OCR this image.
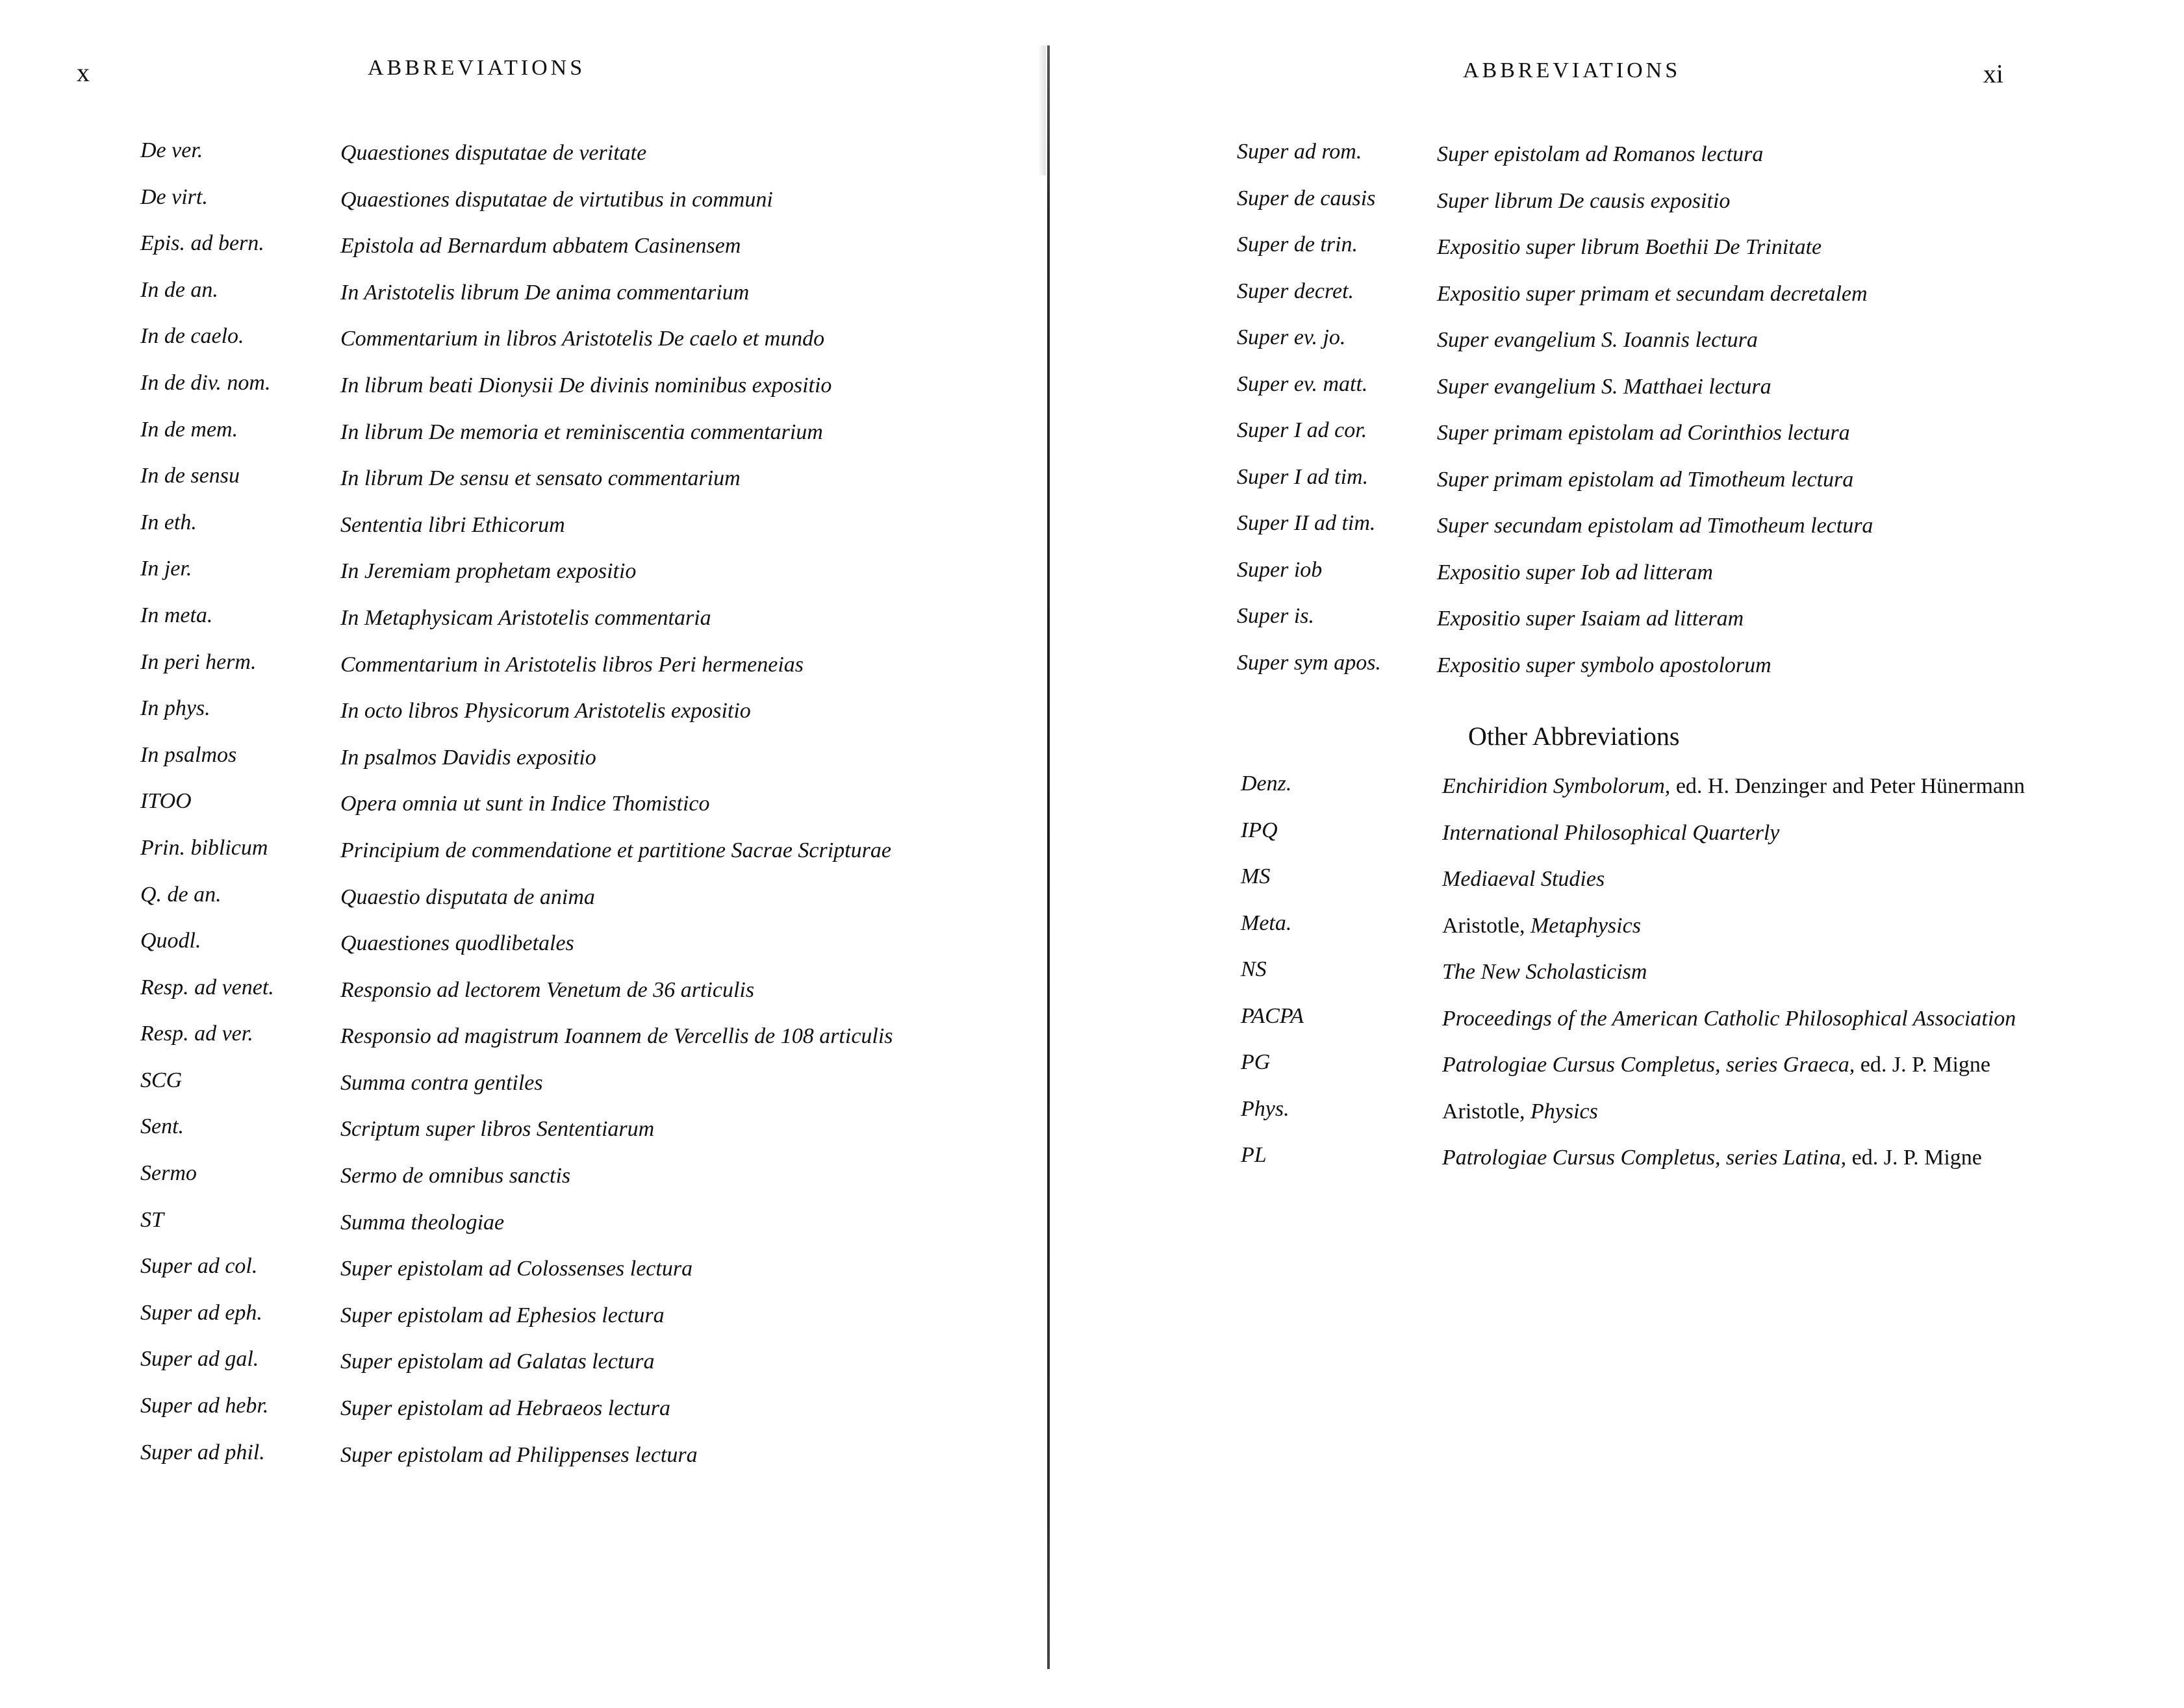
x	ABBREVIATIONS
De ver.	Quaestiones disputatae de veritate
De virt.	Quaestiones disputatae de virtutibus in communi
Epis. ad bern.	Epistola ad Bernardum abbatem Casinensem
In de an.	In Aristotelis librum De anima commentarium
In de caelo.	Commentarium in libros Aristotelis De caelo et mundo
In de div. nom.	In librum beati Dionysii De divinis nominibus expositio
In de mem.	In librum De memoria et reminiscentia commentarium
In de sensu	In librum De sensu et sensato commentarium
In eth.	Sententia libri Ethicorum
In jer.	In Jeremiam prophetam expositio
In meta.	In Metaphysicam Aristotelis commentaria
In peri herm.	Commentarium in Aristotelis libros Peri hermeneias
In phys.	In octo libros Physicorum Aristotelis expositio
In psalmos	In psalmos Davidis expositio
ITOO	Opera omnia ut sunt in Indice Thomistico
Prin. biblicum	Principium de commendatione et partitione Sacrae Scripturae
Q. de an.	Quaestio disputata de anima
Quodl.	Quaestiones quodlibetales
Resp. ad venet.	Responsio ad lectorem Venetum de 36 articulis
Resp. ad ver.	Responsio ad magistrum Ioannem de Vercellis de 108 articulis
SCG	Summa contra gentiles
Sent.	Scriptum super libros Sententiarum
Sermo	Sermo de omnibus sanctis
ST	Summa theologiae
Super ad col.	Super epistolam ad Colossenses lectura
Super ad eph.	Super epistolam ad Ephesios lectura
Super ad gal.	Super epistolam ad Galatas lectura
Super ad hebr.	Super epistolam ad Hebraeos lectura
Super ad phil.	Super epistolam ad Philippenses lectura
ABBREVIATIONS	xi
Super ad rom.	Super epistolam ad Romanos lectura
Super de causis	Super librum De causis expositio
Super de trin.	Expositio super librum Boethii De Trinitate
Super decret.	Expositio super primam et secundam decretalem
Super ev. jo.	Super evangelium S. Ioannis lectura
Super ev. matt.	Super evangelium S. Matthaei lectura
Super I ad cor.	Super primam epistolam ad Corinthios lectura
Super I ad tim.	Super primam epistolam ad Timotheum lectura
Super II ad tim.	Super secundam epistolam ad Timotheum lectura
Super iob	Expositio super Iob ad litteram
Super is.	Expositio super Isaiam ad litteram
Super sym apos.	Expositio super symbolo apostolorum
Other Abbreviations
Denz.	Enchiridion Symbolorum, ed. H. Denzinger and Peter Hünermann
IPQ	International Philosophical Quarterly
MS	Mediaeval Studies
Meta.	Aristotle, Metaphysics
NS	The New Scholasticism
PACPA	Proceedings of the American Catholic Philosophical Association
PG	Patrologiae Cursus Completus, series Graeca, ed. J. P. Migne
Phys.	Aristotle, Physics
PL	Patrologiae Cursus Completus, series Latina, ed. J. P. Migne
